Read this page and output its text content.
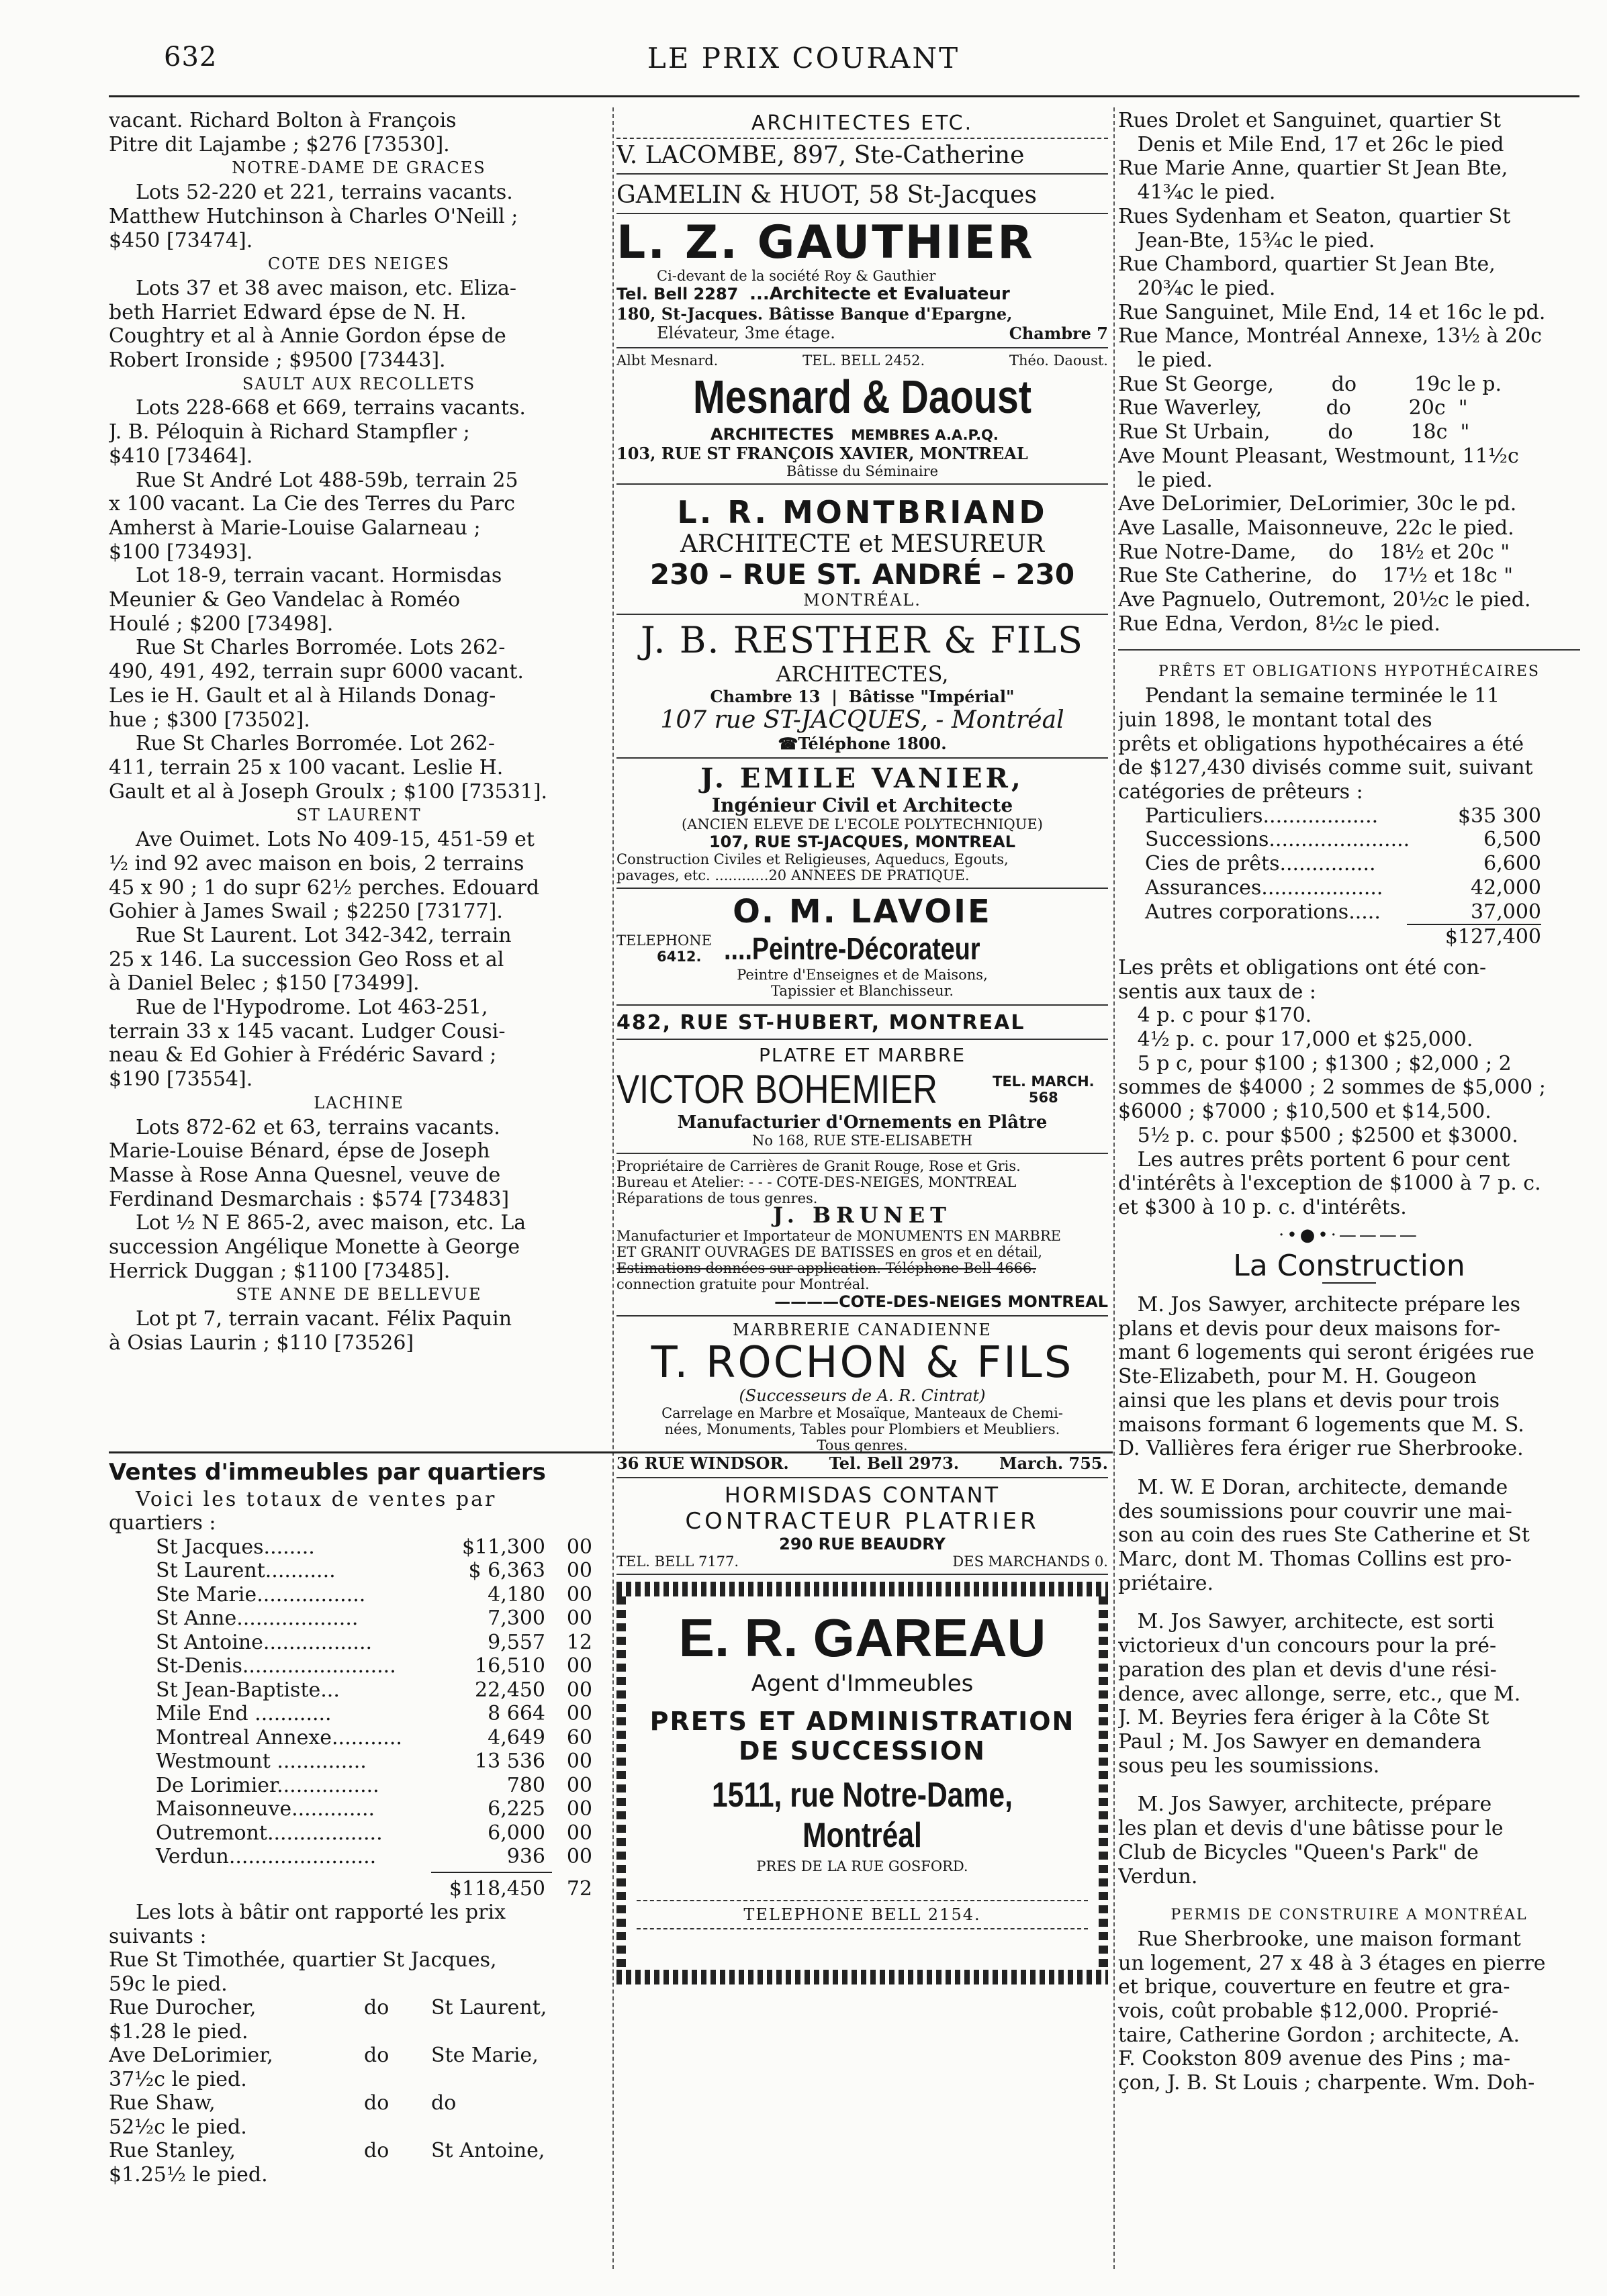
632	LE PRIX COURANT

vacant. Richard Bolton à François

Pitre dit Lajambe ; $276 [73530].

NOTRE-DAME DE GRACES

Lots 52-220 et 221, terrains vacants.

Matthew Hutchinson à Charles O'Neill ;

$450 [73474].

COTE DES NEIGES

Lots 37 et 38 avec maison, etc. Eliza-

beth Harriet Edward épse de N. H.

Coughtry et al à Annie Gordon épse de

Robert Ironside ; $9500 [73443].

SAULT AUX RECOLLETS

Lots 228-668 et 669, terrains vacants.

J. B. Péloquin à Richard Stampfler ;

$410 [73464].

Rue St André Lot 488-59b, terrain 25

x 100 vacant. La Cie des Terres du Parc

Amherst à Marie-Louise Galarneau ;

$100 [73493].

Lot 18-9, terrain vacant. Hormisdas

Meunier & Geo Vandelac à Roméo

Houlé ; $200 [73498].

Rue St Charles Borromée. Lots 262-

490, 491, 492, terrain supr 6000 vacant.

Les ie H. Gault et al à Hilands Donag-

hue ; $300 [73502].

Rue St Charles Borromée. Lot 262-

411, terrain 25 x 100 vacant. Leslie H.

Gault et al à Joseph Groulx ; $100 [73531].

ST LAURENT

Ave Ouimet. Lots No 409-15, 451-59 et

½ ind 92 avec maison en bois, 2 terrains

45 x 90 ; 1 do supr 62½ perches. Edouard

Gohier à James Swail ; $2250 [73177].

Rue St Laurent. Lot 342-342, terrain

25 x 146. La succession Geo Ross et al

à Daniel Belec ; $150 [73499].

Rue de l'Hypodrome. Lot 463-251,

terrain 33 x 145 vacant. Ludger Cousi-

neau & Ed Gohier à Frédéric Savard ;

$190 [73554].

LACHINE

Lots 872-62 et 63, terrains vacants.

Marie-Louise Bénard, épse de Joseph

Masse à Rose Anna Quesnel, veuve de

Ferdinand Desmarchais : $574 [73483]

Lot ½ N E 865-2, avec maison, etc. La

succession Angélique Monette à George

Herrick Duggan ; $1100 [73485].

STE ANNE DE BELLEVUE

Lot pt 7, terrain vacant. Félix Paquin

à Osias Laurin ; $110 [73526]

Ventes d'immeubles par quartiers

Voici les totaux de ventes par

quartiers :

St Jacques........	$11,300	00
St Laurent...........	$ 6,363	00
Ste Marie.................	4,180	00
St Anne...................	7,300	00
St Antoine.................	9,557	12
St-Denis........................	16,510	00
St Jean-Baptiste...	22,450	00
Mile End ............	8 664	00
Montreal Annexe...........	4,649	60
Westmount ..............	13 536	00
De Lorimier................	780	00
Maisonneuve.............	6,225	00
Outremont..................	6,000	00
Verdun.......................	936	00
$118,450	72

Les lots à bâtir ont rapporté les prix

suivants :

Rue St Timothée, quartier St Jacques,
59c le pied.
Rue Durocher,	do	St Laurent,
$1.28 le pied.
Ave DeLorimier,	do	Ste Marie,
37½c le pied.
Rue Shaw,	do	do
52½c le pied.
Rue Stanley,	do	St Antoine,
$1.25½ le pied.

ARCHITECTES ETC.

V. LACOMBE, 897, Ste-Catherine

GAMELIN & HUOT, 58 St-Jacques

L. Z. GAUTHIER

Ci-devant de la société Roy & Gauthier

Tel. Bell 2287 ...Architecte et Evaluateur

180, St-Jacques. Bâtisse Banque d'Epargne,

Elévateur, 3me étage.	Chambre 7

Albt Mesnard.	TEL. BELL 2452.	Théo. Daoust.

Mesnard & Daoust

ARCHITECTES MEMBRES A.A.P.Q.

103, RUE ST FRANÇOIS XAVIER, MONTREAL

Bâtisse du Séminaire

L. R. MONTBRIAND

ARCHITECTE et MESUREUR

230 – RUE ST. ANDRÉ – 230

MONTRÉAL.

J. B. RESTHER & FILS

ARCHITECTES,

Chambre 13  |  Bâtisse "Impérial"

107 rue ST-JACQUES, - Montréal

☎Téléphone 1800.

J. EMILE VANIER,

Ingénieur Civil et Architecte

(ANCIEN ELEVE DE L'ECOLE POLYTECHNIQUE)

107, RUE ST-JACQUES, MONTREAL

Construction Civiles et Religieuses, Aqueducs, Egouts,

pavages, etc. ............20 ANNEES DE PRATIQUE.

O. M. LAVOIE

TELEPHONE

6412. ....Peintre-Décorateur

Peintre d'Enseignes et de Maisons,

Tapissier et Blanchisseur.

482, RUE ST-HUBERT, MONTREAL

PLATRE ET MARBRE

VICTOR BOHEMIER	TEL. MARCH.

568

Manufacturier d'Ornements en Plâtre

No 168, RUE STE-ELISABETH

Propriétaire de Carrières de Granit Rouge, Rose et Gris.

Bureau et Atelier: - - - COTE-DES-NEIGES, MONTREAL

Réparations de tous genres.

J. BRUNET

Manufacturier et Importateur de MONUMENTS EN MARBRE

ET GRANIT OUVRAGES DE BATISSES en gros et en détail,

Estimations données sur application. Téléphone Bell 4666.

connection gratuite pour Montréal.

————COTE-DES-NEIGES MONTREAL

MARBRERIE CANADIENNE

T. ROCHON & FILS

(Successeurs de A. R. Cintrat)

Carrelage en Marbre et Mosaïque, Manteaux de Chemi-

nées, Monuments, Tables pour Plombiers et Meubliers.

Tous genres.

36 RUE WINDSOR. Tel. Bell 2973. March. 755.

HORMISDAS CONTANT

CONTRACTEUR PLATRIER

290 RUE BEAUDRY

TEL. BELL 7177.	DES MARCHANDS 0.

E. R. GAREAU

Agent d'Immeubles

PRETS ET ADMINISTRATION

DE SUCCESSION

1511, rue Notre-Dame, Montréal

PRES DE LA RUE GOSFORD.

TELEPHONE BELL 2154.

Rues Drolet et Sanguinet, quartier St

Denis et Mile End, 17 et 26c le pied

Rue Marie Anne, quartier St Jean Bte,

41¾c le pied.

Rues Sydenham et Seaton, quartier St

Jean-Bte, 15¾c le pied.

Rue Chambord, quartier St Jean Bte,

20¾c le pied.

Rue Sanguinet, Mile End, 14 et 16c le pd.

Rue Mance, Montréal Annexe, 13½ à 20c

le pied.

Rue St George,         do         19c le p.

Rue Waverley,          do         20c  "

Rue St Urbain,         do         18c  "

Ave Mount Pleasant, Westmount, 11½c

le pied.

Ave DeLorimier, DeLorimier, 30c le pd.

Ave Lasalle, Maisonneuve, 22c le pied.

Rue Notre-Dame,     do    18½ et 20c "

Rue Ste Catherine,   do    17½ et 18c "

Ave Pagnuelo, Outremont, 20½c le pied.

Rue Edna, Verdon, 8½c le pied.

PRÊTS ET OBLIGATIONS HYPOTHÉCAIRES

Pendant la semaine terminée le 11

juin 1898, le montant total des

prêts et obligations hypothécaires a été

de $127,430 divisés comme suit, suivant

catégories de prêteurs :

Particuliers..................	$35 300
Successions......................	6,500
Cies de prêts...............	6,600
Assurances...................	42,000
Autres corporations.....	37,000
$127,400

Les prêts et obligations ont été con-

sentis aux taux de :

4 p. c pour $170.

4½ p. c. pour 17,000 et $25,000.

5 p c, pour $100 ; $1300 ; $2,000 ; 2

sommes de $4000 ; 2 sommes de $5,000 ;

$6000 ; $7000 ; $10,500 et $14,500.

5½ p. c. pour $500 ; $2500 et $3000.

Les autres prêts portent 6 pour cent

d'intérêts à l'exception de $1000 à 7 p. c.

et $300 à 10 p. c. d'intérêts.

·•●•·————

La Construction

M. Jos Sawyer, architecte prépare les

plans et devis pour deux maisons for-

mant 6 logements qui seront érigées rue

Ste-Elizabeth, pour M. H. Gougeon

ainsi que les plans et devis pour trois

maisons formant 6 logements que M. S.

D. Vallières fera ériger rue Sherbrooke.

M. W. E Doran, architecte, demande

des soumissions pour couvrir une mai-

son au coin des rues Ste Catherine et St

Marc, dont M. Thomas Collins est pro-

priétaire.

M. Jos Sawyer, architecte, est sorti

victorieux d'un concours pour la pré-

paration des plan et devis d'une rési-

dence, avec allonge, serre, etc., que M.

J. M. Beyries fera ériger à la Côte St

Paul ; M. Jos Sawyer en demandera

sous peu les soumissions.

M. Jos Sawyer, architecte, prépare

les plan et devis d'une bâtisse pour le

Club de Bicycles "Queen's Park" de

Verdun.

PERMIS DE CONSTRUIRE A MONTRÉAL

Rue Sherbrooke, une maison formant

un logement, 27 x 48 à 3 étages en pierre

et brique, couverture en feutre et gra-

vois, coût probable $12,000. Proprié-

taire, Catherine Gordon ; architecte, A.

F. Cookston 809 avenue des Pins ; ma-

çon, J. B. St Louis ; charpente. Wm. Doh-
